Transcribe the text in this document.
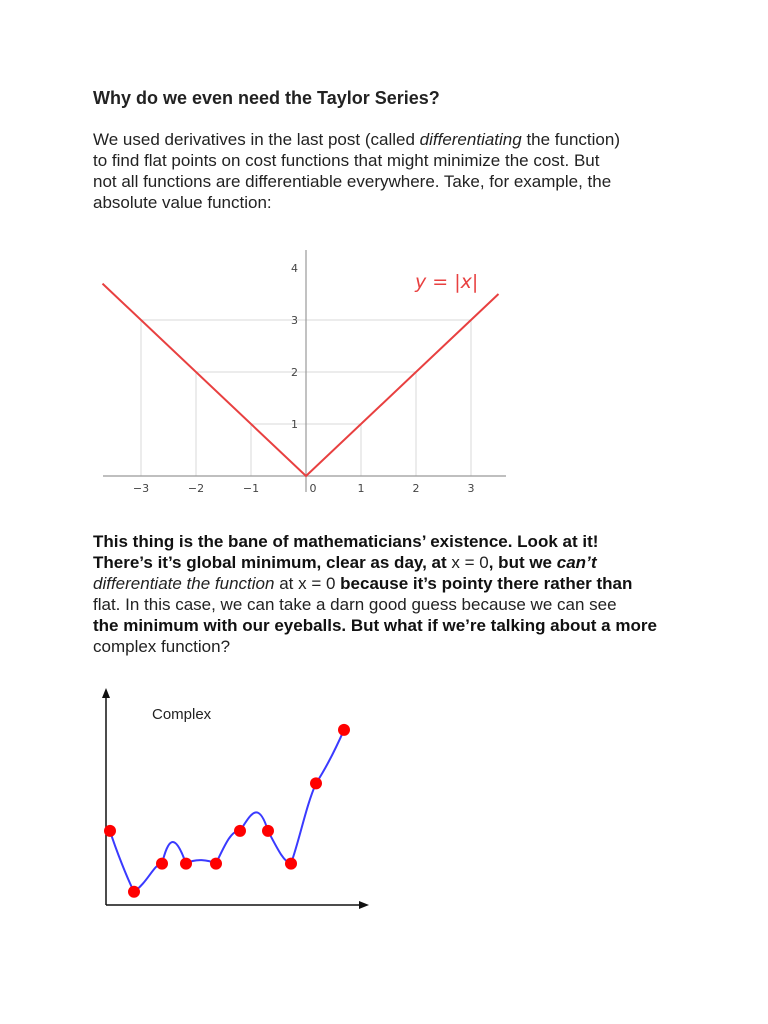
Why do we even need the Taylor Series?

We used derivatives in the last post (called differentiating the function)
to find flat points on cost functions that might minimize the cost. But
not all functions are differentiable everywhere. Take, for example, the
absolute value function:

−3	−2	−1	0	1	2	3
1
2
3
4
y = |x|

This thing is the bane of mathematicians’ existence. Look at it!
There’s it’s global minimum, clear as day, at x = 0, but we can’t
differentiate the function at x = 0 because it’s pointy there rather than
flat. In this case, we can take a darn good guess because we can see
the minimum with our eyeballs. But what if we’re talking about a more
complex function?

Complex
